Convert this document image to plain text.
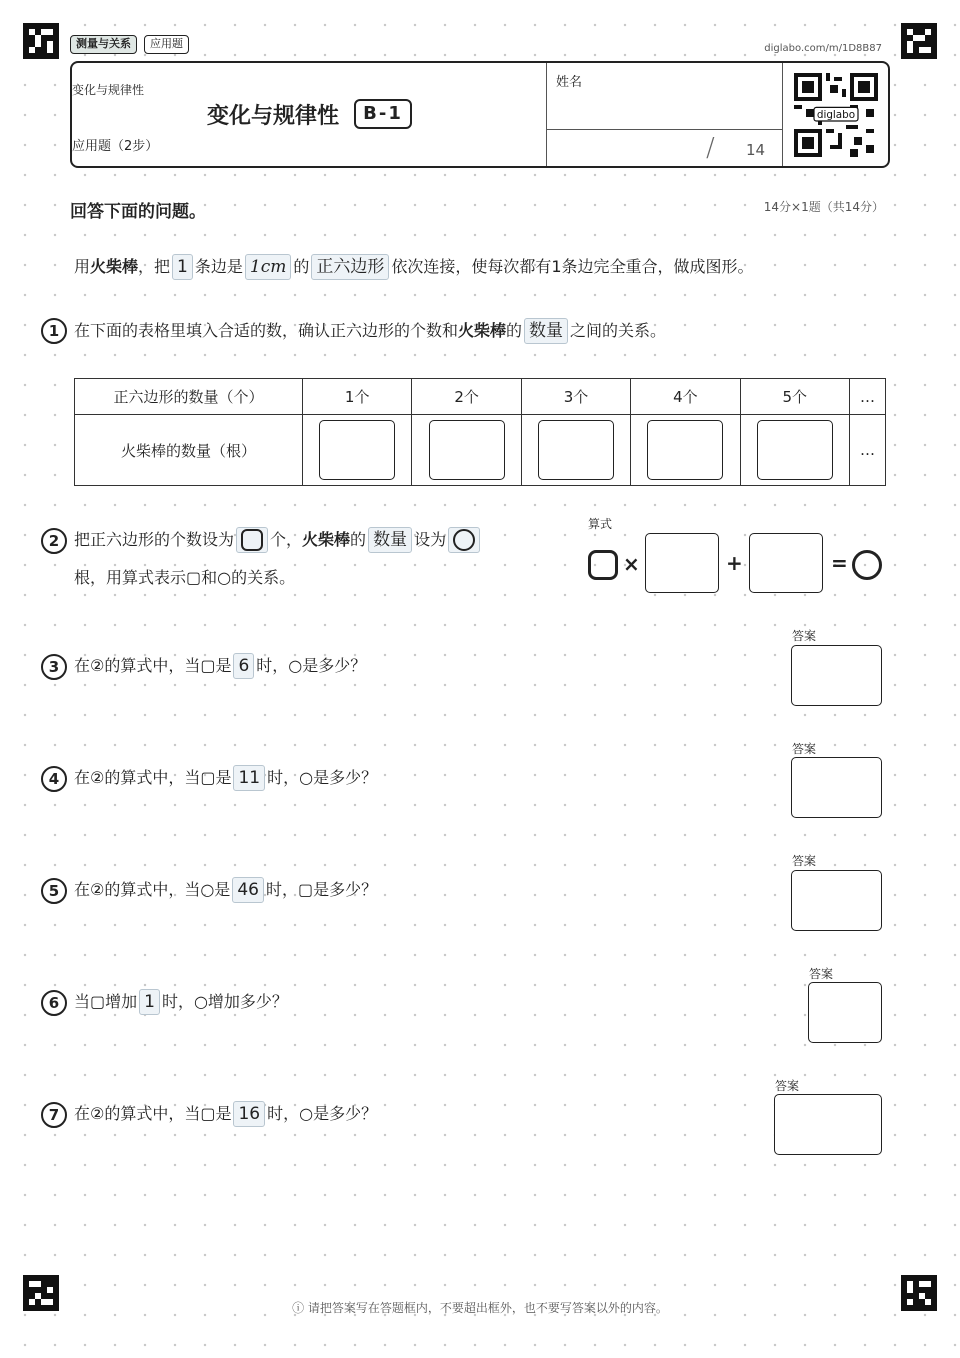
测量与关系	应用题	diglabo.com/m/1D8B87
变化与规律性
变化与规律性	B-1
应用题（2步）
姓名
/ 14
diglabo
回答下面的问题。	14分×1题（共14分）
用火柴棒，把 1 条边是 1cm 的 正六边形 依次连接，使每次都有1条边完全重合，做成图形。
1 在下面的表格里填入合适的数，确认正六边形的个数和火柴棒的 数量 之间的关系。
正六边形的数量（个）	1个	2个	3个	4个	5个	…
火柴棒的数量（根）						…
2 把正六边形的个数设为 个，火柴棒的 数量 设为
根，用算式表示▢和○的关系。
算式
×	+	=
3 在②的算式中，当▢是 6 时，○是多少？
答案
4 在②的算式中，当▢是 11 时，○是多少？
答案
5 在②的算式中，当○是 46 时，▢是多少？
答案
6 当▢增加 1 时，○增加多少？
答案
7 在②的算式中，当▢是 16 时，○是多少？
答案
ⓘ 请把答案写在答题框内，不要超出框外，也不要写答案以外的内容。
